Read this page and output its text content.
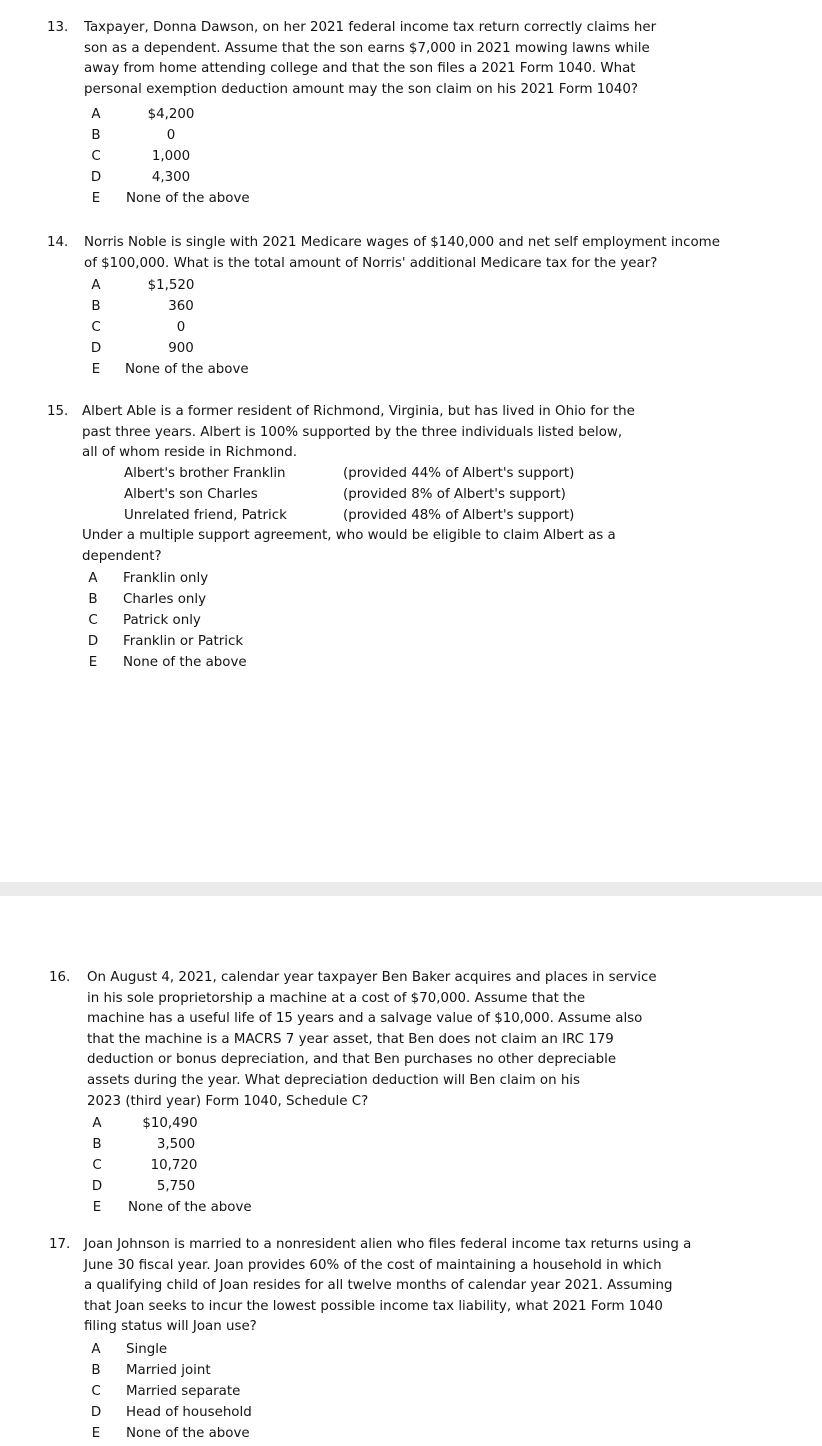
13. Taxpayer, Donna Dawson, on her 2021 federal income tax return correctly claims her
son as a dependent. Assume that the son earns $7,000 in 2021 mowing lawns while
away from home attending college and that the son files a 2021 Form 1040. What
personal exemption deduction amount may the son claim on his 2021 Form 1040?
A	$4,200
B	0
C	1,000
D	4,300
E None of the above
14. Norris Noble is single with 2021 Medicare wages of $140,000 and net self employment income
of $100,000. What is the total amount of Norris' additional Medicare tax for the year?
A	$1,520
B	360
C	0
D	900
E None of the above
15. Albert Able is a former resident of Richmond, Virginia, but has lived in Ohio for the
past three years. Albert is 100% supported by the three individuals listed below,
all of whom reside in Richmond.
Albert's brother Franklin	(provided 44% of Albert's support)
Albert's son Charles	(provided 8% of Albert's support)
Unrelated friend, Patrick	(provided 48% of Albert's support)
Under a multiple support agreement, who would be eligible to claim Albert as a
dependent?
A Franklin only
B Charles only
C Patrick only
D Franklin or Patrick
E None of the above
16. On August 4, 2021, calendar year taxpayer Ben Baker acquires and places in service
in his sole proprietorship a machine at a cost of $70,000. Assume that the
machine has a useful life of 15 years and a salvage value of $10,000. Assume also
that the machine is a MACRS 7 year asset, that Ben does not claim an IRC 179
deduction or bonus depreciation, and that Ben purchases no other depreciable
assets during the year. What depreciation deduction will Ben claim on his
2023 (third year) Form 1040, Schedule C?
A	$10,490
B	3,500
C	10,720
D	5,750
E None of the above
17. Joan Johnson is married to a nonresident alien who files federal income tax returns using a
June 30 fiscal year. Joan provides 60% of the cost of maintaining a household in which
a qualifying child of Joan resides for all twelve months of calendar year 2021. Assuming
that Joan seeks to incur the lowest possible income tax liability, what 2021 Form 1040
filing status will Joan use?
A Single
B Married joint
C Married separate
D Head of household
E None of the above
